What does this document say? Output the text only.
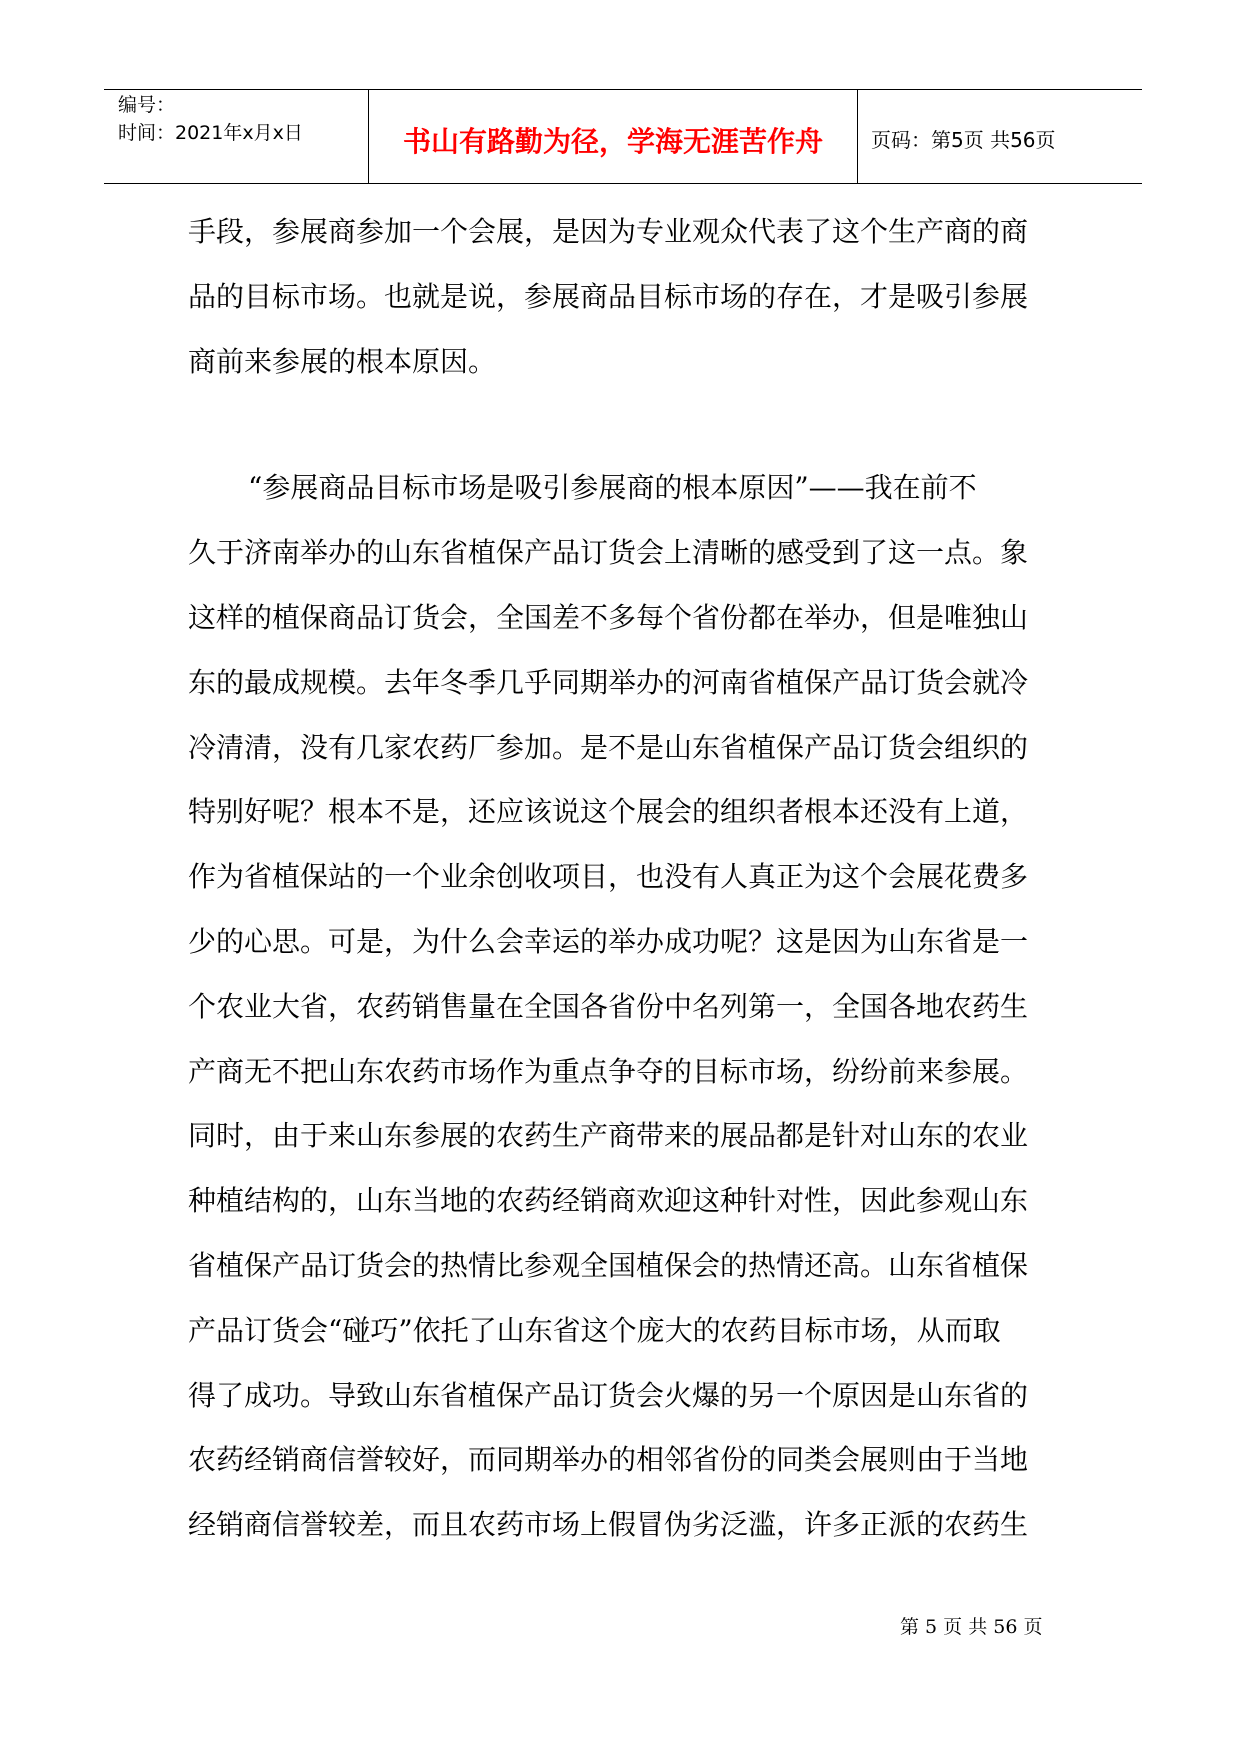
编号：
时间：2021年x月x日	书山有路勤为径，学海无涯苦作舟	页码：第5页 共56页

手段，参展商参加一个会展，是因为专业观众代表了这个生产商的商
品的目标市场。也就是说，参展商品目标市场的存在，才是吸引参展
商前来参展的根本原因。

“参展商品目标市场是吸引参展商的根本原因”——我在前不
久于济南举办的山东省植保产品订货会上清晰的感受到了这一点。象
这样的植保商品订货会，全国差不多每个省份都在举办，但是唯独山
东的最成规模。去年冬季几乎同期举办的河南省植保产品订货会就冷
冷清清，没有几家农药厂参加。是不是山东省植保产品订货会组织的
特别好呢？根本不是，还应该说这个展会的组织者根本还没有上道，
作为省植保站的一个业余创收项目，也没有人真正为这个会展花费多
少的心思。可是，为什么会幸运的举办成功呢？这是因为山东省是一
个农业大省，农药销售量在全国各省份中名列第一，全国各地农药生
产商无不把山东农药市场作为重点争夺的目标市场，纷纷前来参展。
同时，由于来山东参展的农药生产商带来的展品都是针对山东的农业
种植结构的，山东当地的农药经销商欢迎这种针对性，因此参观山东
省植保产品订货会的热情比参观全国植保会的热情还高。山东省植保
产品订货会“碰巧”依托了山东省这个庞大的农药目标市场，从而取
得了成功。导致山东省植保产品订货会火爆的另一个原因是山东省的
农药经销商信誉较好，而同期举办的相邻省份的同类会展则由于当地
经销商信誉较差，而且农药市场上假冒伪劣泛滥，许多正派的农药生

第 5 页 共 56 页
